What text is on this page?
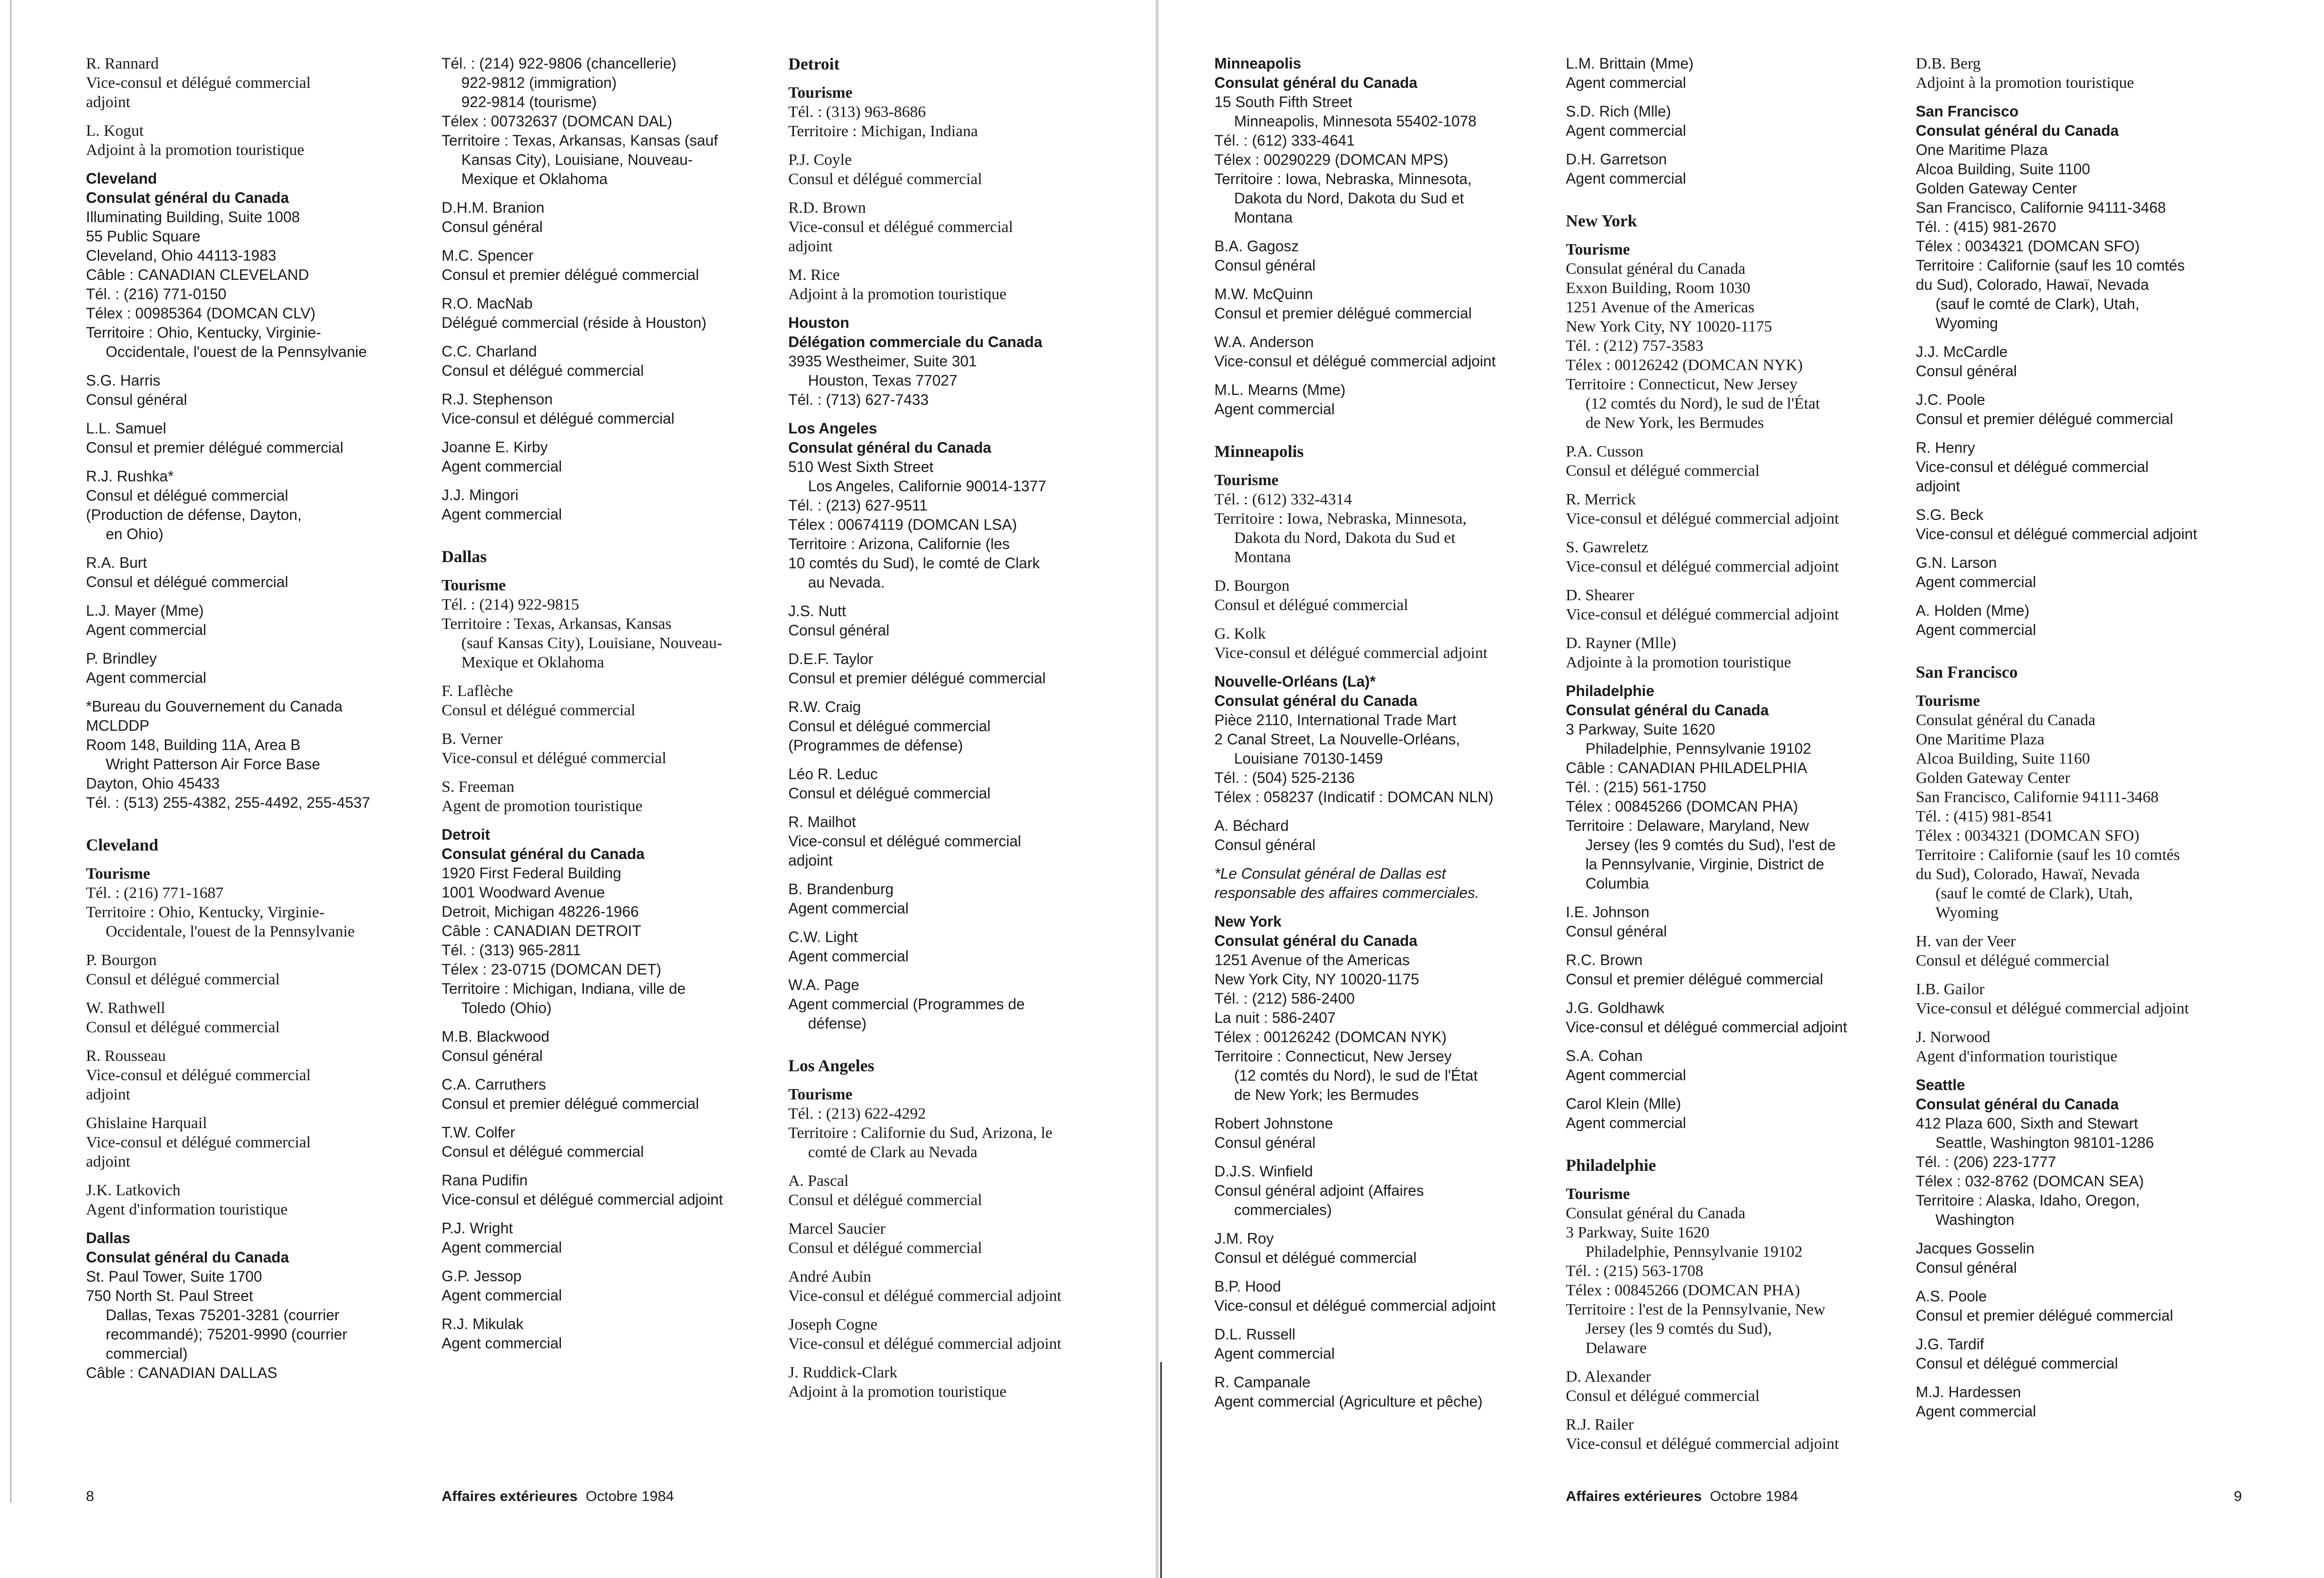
R. Rannard
Vice-consul et délégué commercial
adjoint
L. Kogut
Adjoint à la promotion touristique
Cleveland
Consulat général du Canada
Illuminating Building, Suite 1008
55 Public Square
Cleveland, Ohio 44113-1983
Câble : CANADIAN CLEVELAND
Tél. : (216) 771-0150
Télex : 00985364 (DOMCAN CLV)
Territoire : Ohio, Kentucky, Virginie-
Occidentale, l'ouest de la Pennsylvanie
S.G. Harris
Consul général
L.L. Samuel
Consul et premier délégué commercial
R.J. Rushka*
Consul et délégué commercial
(Production de défense, Dayton,
en Ohio)
R.A. Burt
Consul et délégué commercial
L.J. Mayer (Mme)
Agent commercial
P. Brindley
Agent commercial
*Bureau du Gouvernement du Canada
MCLDDP
Room 148, Building 11A, Area B
Wright Patterson Air Force Base
Dayton, Ohio 45433
Tél. : (513) 255-4382, 255-4492, 255-4537
Cleveland
Tourisme
Tél. : (216) 771-1687
Territoire : Ohio, Kentucky, Virginie-
Occidentale, l'ouest de la Pennsylvanie
P. Bourgon
Consul et délégué commercial
W. Rathwell
Consul et délégué commercial
R. Rousseau
Vice-consul et délégué commercial
adjoint
Ghislaine Harquail
Vice-consul et délégué commercial
adjoint
J.K. Latkovich
Agent d'information touristique
Dallas
Consulat général du Canada
St. Paul Tower, Suite 1700
750 North St. Paul Street
Dallas, Texas 75201-3281 (courrier
recommandé); 75201-9990 (courrier
commercial)
Câble : CANADIAN DALLAS
Tél. : (214) 922-9806 (chancellerie)
922-9812 (immigration)
922-9814 (tourisme)
Télex : 00732637 (DOMCAN DAL)
Territoire : Texas, Arkansas, Kansas (sauf
Kansas City), Louisiane, Nouveau-
Mexique et Oklahoma
D.H.M. Branion
Consul général
M.C. Spencer
Consul et premier délégué commercial
R.O. MacNab
Délégué commercial (réside à Houston)
C.C. Charland
Consul et délégué commercial
R.J. Stephenson
Vice-consul et délégué commercial
Joanne E. Kirby
Agent commercial
J.J. Mingori
Agent commercial
Dallas
Tourisme
Tél. : (214) 922-9815
Territoire : Texas, Arkansas, Kansas
(sauf Kansas City), Louisiane, Nouveau-
Mexique et Oklahoma
F. Laflèche
Consul et délégué commercial
B. Verner
Vice-consul et délégué commercial
S. Freeman
Agent de promotion touristique
Detroit
Consulat général du Canada
1920 First Federal Building
1001 Woodward Avenue
Detroit, Michigan 48226-1966
Câble : CANADIAN DETROIT
Tél. : (313) 965-2811
Télex : 23-0715 (DOMCAN DET)
Territoire : Michigan, Indiana, ville de
Toledo (Ohio)
M.B. Blackwood
Consul général
C.A. Carruthers
Consul et premier délégué commercial
T.W. Colfer
Consul et délégué commercial
Rana Pudifin
Vice-consul et délégué commercial adjoint
P.J. Wright
Agent commercial
G.P. Jessop
Agent commercial
R.J. Mikulak
Agent commercial
Detroit
Tourisme
Tél. : (313) 963-8686
Territoire : Michigan, Indiana
P.J. Coyle
Consul et délégué commercial
R.D. Brown
Vice-consul et délégué commercial
adjoint
M. Rice
Adjoint à la promotion touristique
Houston
Délégation commerciale du Canada
3935 Westheimer, Suite 301
Houston, Texas 77027
Tél. : (713) 627-7433
Los Angeles
Consulat général du Canada
510 West Sixth Street
Los Angeles, Californie 90014-1377
Tél. : (213) 627-9511
Télex : 00674119 (DOMCAN LSA)
Territoire : Arizona, Californie (les
10 comtés du Sud), le comté de Clark
au Nevada.
J.S. Nutt
Consul général
D.E.F. Taylor
Consul et premier délégué commercial
R.W. Craig
Consul et délégué commercial
(Programmes de défense)
Léo R. Leduc
Consul et délégué commercial
R. Mailhot
Vice-consul et délégué commercial
adjoint
B. Brandenburg
Agent commercial
C.W. Light
Agent commercial
W.A. Page
Agent commercial (Programmes de
défense)
Los Angeles
Tourisme
Tél. : (213) 622-4292
Territoire : Californie du Sud, Arizona, le
comté de Clark au Nevada
A. Pascal
Consul et délégué commercial
Marcel Saucier
Consul et délégué commercial
André Aubin
Vice-consul et délégué commercial adjoint
Joseph Cogne
Vice-consul et délégué commercial adjoint
J. Ruddick-Clark
Adjoint à la promotion touristique
Minneapolis
Consulat général du Canada
15 South Fifth Street
Minneapolis, Minnesota 55402-1078
Tél. : (612) 333-4641
Télex : 00290229 (DOMCAN MPS)
Territoire : Iowa, Nebraska, Minnesota,
Dakota du Nord, Dakota du Sud et
Montana
B.A. Gagosz
Consul général
M.W. McQuinn
Consul et premier délégué commercial
W.A. Anderson
Vice-consul et délégué commercial adjoint
M.L. Mearns (Mme)
Agent commercial
Minneapolis
Tourisme
Tél. : (612) 332-4314
Territoire : Iowa, Nebraska, Minnesota,
Dakota du Nord, Dakota du Sud et
Montana
D. Bourgon
Consul et délégué commercial
G. Kolk
Vice-consul et délégué commercial adjoint
Nouvelle-Orléans (La)*
Consulat général du Canada
Pièce 2110, International Trade Mart
2 Canal Street, La Nouvelle-Orléans,
Louisiane 70130-1459
Tél. : (504) 525-2136
Télex : 058237 (Indicatif : DOMCAN NLN)
A. Béchard
Consul général
*Le Consulat général de Dallas est
responsable des affaires commerciales.
New York
Consulat général du Canada
1251 Avenue of the Americas
New York City, NY 10020-1175
Tél. : (212) 586-2400
La nuit : 586-2407
Télex : 00126242 (DOMCAN NYK)
Territoire : Connecticut, New Jersey
(12 comtés du Nord), le sud de l'État
de New York; les Bermudes
Robert Johnstone
Consul général
D.J.S. Winfield
Consul général adjoint (Affaires
commerciales)
J.M. Roy
Consul et délégué commercial
B.P. Hood
Vice-consul et délégué commercial adjoint
D.L. Russell
Agent commercial
R. Campanale
Agent commercial (Agriculture et pêche)
L.M. Brittain (Mme)
Agent commercial
S.D. Rich (Mlle)
Agent commercial
D.H. Garretson
Agent commercial
New York
Tourisme
Consulat général du Canada
Exxon Building, Room 1030
1251 Avenue of the Americas
New York City, NY 10020-1175
Tél. : (212) 757-3583
Télex : 00126242 (DOMCAN NYK)
Territoire : Connecticut, New Jersey
(12 comtés du Nord), le sud de l'État
de New York, les Bermudes
P.A. Cusson
Consul et délégué commercial
R. Merrick
Vice-consul et délégué commercial adjoint
S. Gawreletz
Vice-consul et délégué commercial adjoint
D. Shearer
Vice-consul et délégué commercial adjoint
D. Rayner (Mlle)
Adjointe à la promotion touristique
Philadelphie
Consulat général du Canada
3 Parkway, Suite 1620
Philadelphie, Pennsylvanie 19102
Câble : CANADIAN PHILADELPHIA
Tél. : (215) 561-1750
Télex : 00845266 (DOMCAN PHA)
Territoire : Delaware, Maryland, New
Jersey (les 9 comtés du Sud), l'est de
la Pennsylvanie, Virginie, District de
Columbia
I.E. Johnson
Consul général
R.C. Brown
Consul et premier délégué commercial
J.G. Goldhawk
Vice-consul et délégué commercial adjoint
S.A. Cohan
Agent commercial
Carol Klein (Mlle)
Agent commercial
Philadelphie
Tourisme
Consulat général du Canada
3 Parkway, Suite 1620
Philadelphie, Pennsylvanie 19102
Tél. : (215) 563-1708
Télex : 00845266 (DOMCAN PHA)
Territoire : l'est de la Pennsylvanie, New
Jersey (les 9 comtés du Sud),
Delaware
D. Alexander
Consul et délégué commercial
R.J. Railer
Vice-consul et délégué commercial adjoint
D.B. Berg
Adjoint à la promotion touristique
San Francisco
Consulat général du Canada
One Maritime Plaza
Alcoa Building, Suite 1100
Golden Gateway Center
San Francisco, Californie 94111-3468
Tél. : (415) 981-2670
Télex : 0034321 (DOMCAN SFO)
Territoire : Californie (sauf les 10 comtés
du Sud), Colorado, Hawaï, Nevada
(sauf le comté de Clark), Utah,
Wyoming
J.J. McCardle
Consul général
J.C. Poole
Consul et premier délégué commercial
R. Henry
Vice-consul et délégué commercial
adjoint
S.G. Beck
Vice-consul et délégué commercial adjoint
G.N. Larson
Agent commercial
A. Holden (Mme)
Agent commercial
San Francisco
Tourisme
Consulat général du Canada
One Maritime Plaza
Alcoa Building, Suite 1160
Golden Gateway Center
San Francisco, Californie 94111-3468
Tél. : (415) 981-8541
Télex : 0034321 (DOMCAN SFO)
Territoire : Californie (sauf les 10 comtés
du Sud), Colorado, Hawaï, Nevada
(sauf le comté de Clark), Utah,
Wyoming
H. van der Veer
Consul et délégué commercial
I.B. Gailor
Vice-consul et délégué commercial adjoint
J. Norwood
Agent d'information touristique
Seattle
Consulat général du Canada
412 Plaza 600, Sixth and Stewart
Seattle, Washington 98101-1286
Tél. : (206) 223-1777
Télex : 032-8762 (DOMCAN SEA)
Territoire : Alaska, Idaho, Oregon,
Washington
Jacques Gosselin
Consul général
A.S. Poole
Consul et premier délégué commercial
J.G. Tardif
Consul et délégué commercial
M.J. Hardessen
Agent commercial
8	Affaires extérieures Octobre 1984	Affaires extérieures Octobre 1984	9
